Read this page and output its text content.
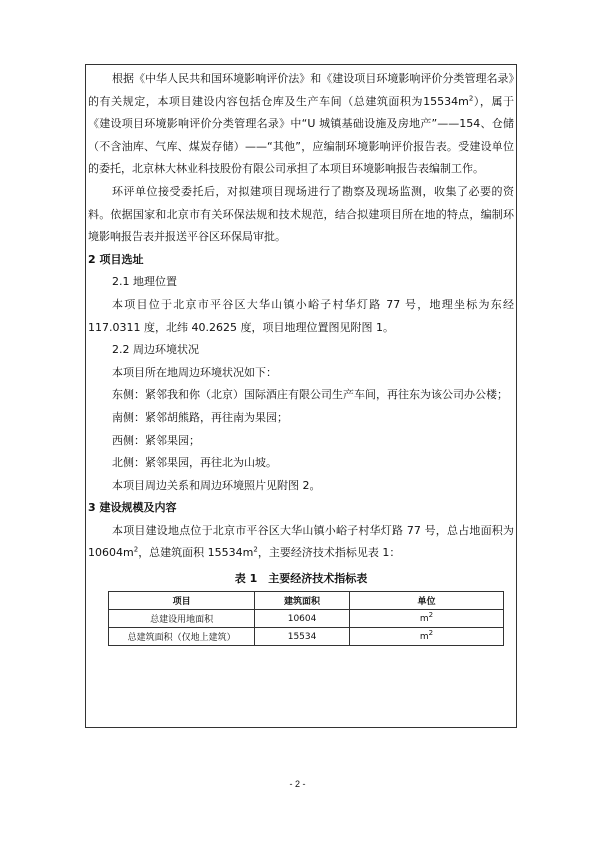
根据《中华人民共和国环境影响评价法》和《建设项目环境影响评价分类管理名录》的有关规定，本项目建设内容包括仓库及生产车间（总建筑面积为$15534m^2$），属于《建设项目环境影响评价分类管理名录》中“U 城镇基础设施及房地产”——154、仓储（不含油库、气库、煤炭存储）——“其他”，应编制环境影响评价报告表。受建设单位的委托，北京林大林业科技股份有限公司承担了本项目环境影响报告表编制工作。

环评单位接受委托后，对拟建项目现场进行了勘察及现场监测，收集了必要的资料。依据国家和北京市有关环保法规和技术规范，结合拟建项目所在地的特点，编制环境影响报告表并报送平谷区环保局审批。

2 项目选址

2.1 地理位置

本项目位于北京市平谷区大华山镇小峪子村华灯路 77 号，地理坐标为东经117.0311 度，北纬 40.2625 度，项目地理位置图见附图 1。

2.2 周边环境状况

本项目所在地周边环境状况如下：

东侧：紧邻我和你（北京）国际酒庄有限公司生产车间，再往东为该公司办公楼；

南侧：紧邻胡熊路，再往南为果园；

西侧：紧邻果园；

北侧：紧邻果园，再往北为山坡。

本项目周边关系和周边环境照片见附图 2。

3 建设规模及内容

本项目建设地点位于北京市平谷区大华山镇小峪子村华灯路 77 号，总占地面积为 $10604m^2$，总建筑面积 $15534m^2$，主要经济技术指标见表 1：

表 1　主要经济技术指标表
项目	建筑面积	单位
总建设用地面积	10604	$m^2$
总建筑面积（仅地上建筑）	15534	$m^2$
- 2 -
